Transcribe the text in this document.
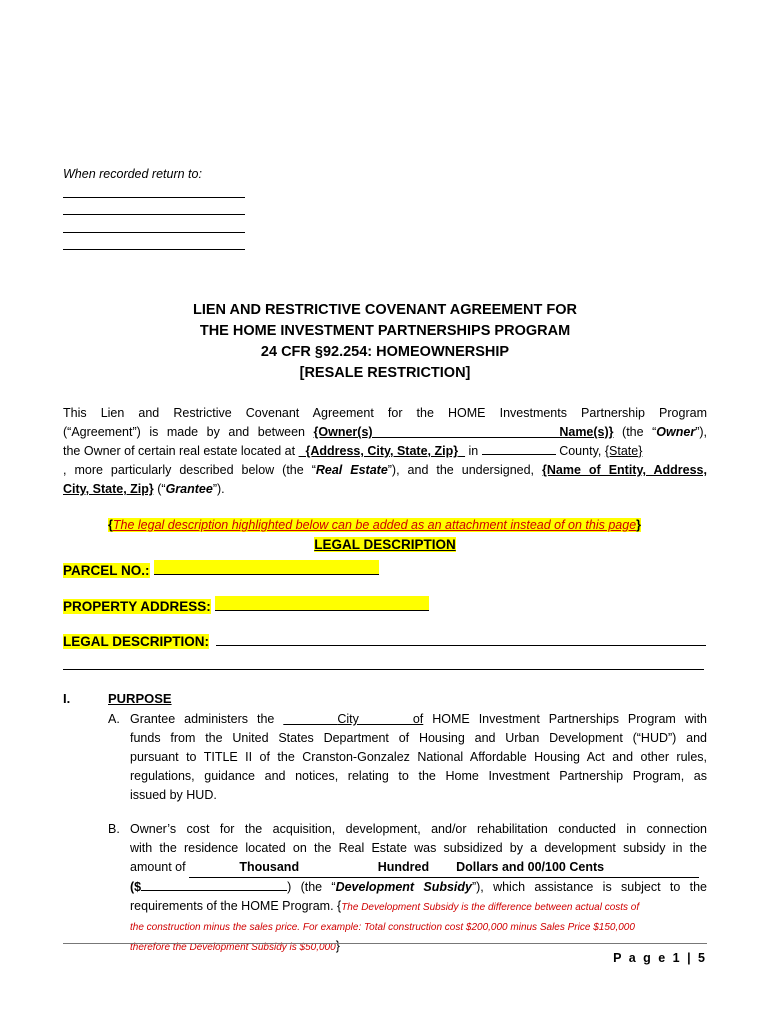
When recorded return to:
LIEN AND RESTRICTIVE COVENANT AGREEMENT FOR
THE HOME INVESTMENT PARTNERSHIPS PROGRAM
24 CFR §92.254: HOMEOWNERSHIP
[RESALE RESTRICTION]
This Lien and Restrictive Covenant Agreement for the HOME Investments Partnership Program
(“Agreement”) is made by and between {Owner(s) Name(s)} (the “Owner”),
the Owner of certain real estate located at   {Address, City, State, Zip}   in	County, {State}
, more particularly described below (the “Real Estate”), and the undersigned, {Name of Entity, Address,
City, State, Zip} (“Grantee”).
{The legal description highlighted below can be added as an attachment instead of on this page}
LEGAL DESCRIPTION
PARCEL NO.:
PROPERTY ADDRESS:
LEGAL DESCRIPTION:
I.	PURPOSE
A. Grantee administers the	City of HOME Investment Partnerships Program with
funds from the United States Department of Housing and Urban Development (“HUD”) and
pursuant to TITLE II of the Cranston-Gonzalez National Affordable Housing Act and other rules,
regulations, guidance and notices, relating to the Home Investment Partnership Program, as
issued by HUD.
B. Owner’s cost for the acquisition, development, and/or rehabilitation conducted in connection
with the residence located on the Real Estate was subsidized by a development subsidy in the
amount of	Thousand	Hundred Dollars and 00/100 Cents
($	) (the “Development Subsidy”), which assistance is subject to the
requirements of the HOME Program. {The Development Subsidy is the difference between actual costs of
the construction minus the sales price. For example: Total construction cost $200,000 minus Sales Price $150,000
therefore the Development Subsidy is $50,000}
P a g e 1 | 5
